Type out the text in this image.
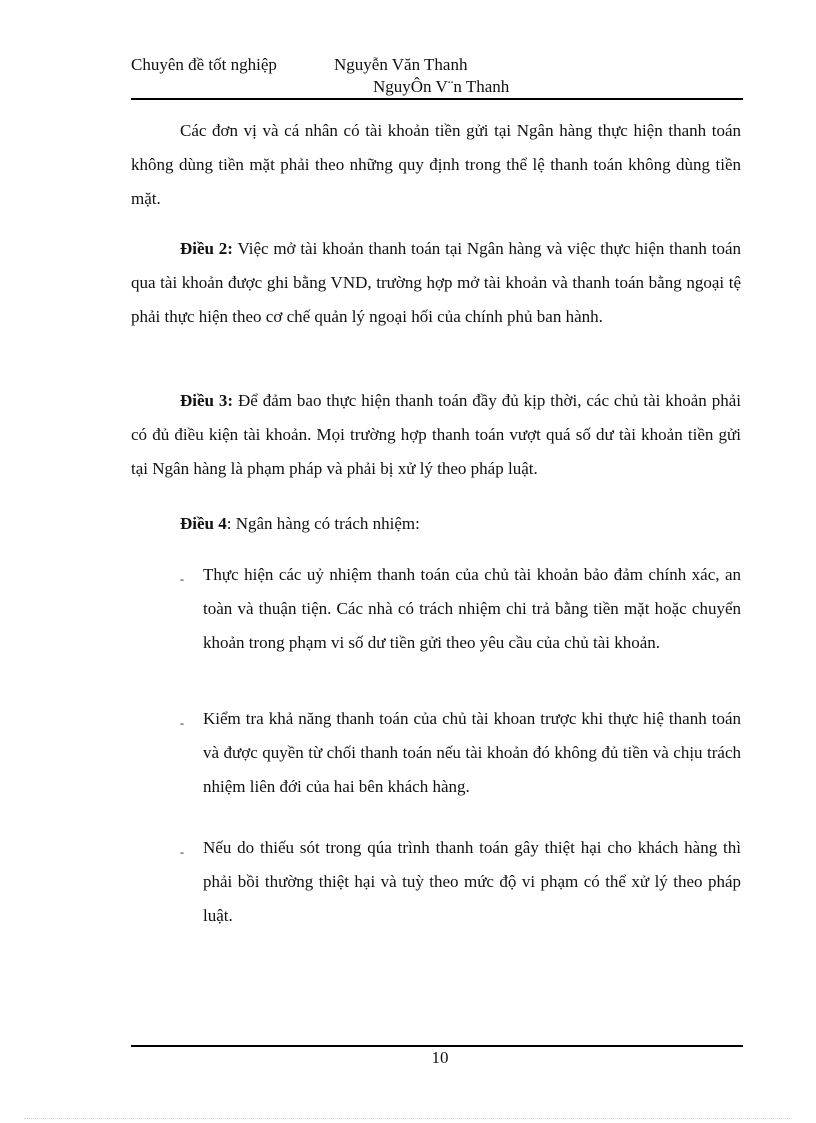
Chuyên đề tốt nghiệp	Nguyễn Văn Thanh
NguyÔn V¨n Thanh

Các đơn vị và cá nhân có tài khoản tiền gửi tại Ngân hàng thực hiện thanh toán không dùng tiền mặt phải theo những quy định trong thể lệ thanh toán không dùng tiền mặt.

Điều 2: Việc mở tài khoản thanh toán tại Ngân hàng và việc thực hiện thanh toán qua tài khoản được ghi bằng VND, trường hợp mở tài khoản và thanh toán bằng ngoại tệ phải thực hiện theo cơ chế quản lý ngoại hối của chính phủ ban hành.

Điều 3: Để đảm bao thực hiện thanh toán đầy đủ kịp thời, các chủ tài khoản phải có đủ điều kiện tài khoản. Mọi trường hợp thanh toán vượt quá số dư tài khoản tiền gửi tại Ngân hàng là phạm pháp và phải bị xử lý theo pháp luật.

Điều 4: Ngân hàng có trách nhiệm:

- Thực hiện các uỷ nhiệm thanh toán của chủ tài khoản bảo đảm chính xác, an toàn và thuận tiện. Các nhà có trách nhiệm chi trả bằng tiền mặt hoặc chuyển khoản trong phạm vi số dư tiền gửi theo yêu cầu của chủ tài khoản.

- Kiểm tra khả năng thanh toán của chủ tài khoan trược khi thực hiệ thanh toán và được quyền từ chối thanh toán nếu tài khoản đó không đủ tiền và chịu trách nhiệm liên đới của hai bên khách hàng.

- Nếu do thiếu sót trong qúa trình thanh toán gây thiệt hại cho khách hàng thì phải bồi thường thiệt hại và tuỳ theo mức độ vi phạm có thể xử lý theo pháp luật.

10
